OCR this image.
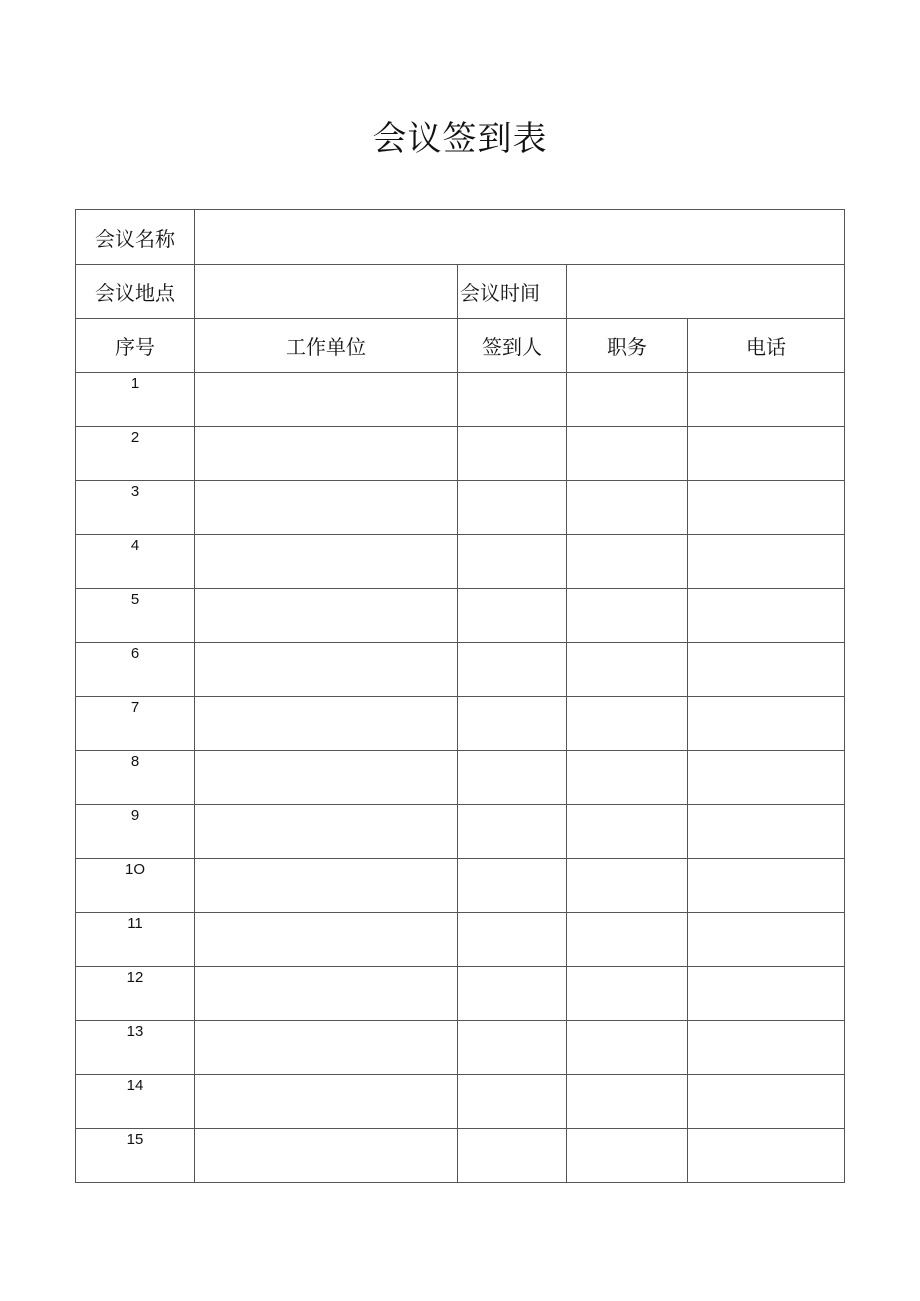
会议签到表
会议名称				
会议地点		会议时间		
序号	工作单位	签到人	职务	电话
1				
2				
3				
4				
5				
6				
7				
8				
9				
1O				
11				
12				
13				
14				
15				
